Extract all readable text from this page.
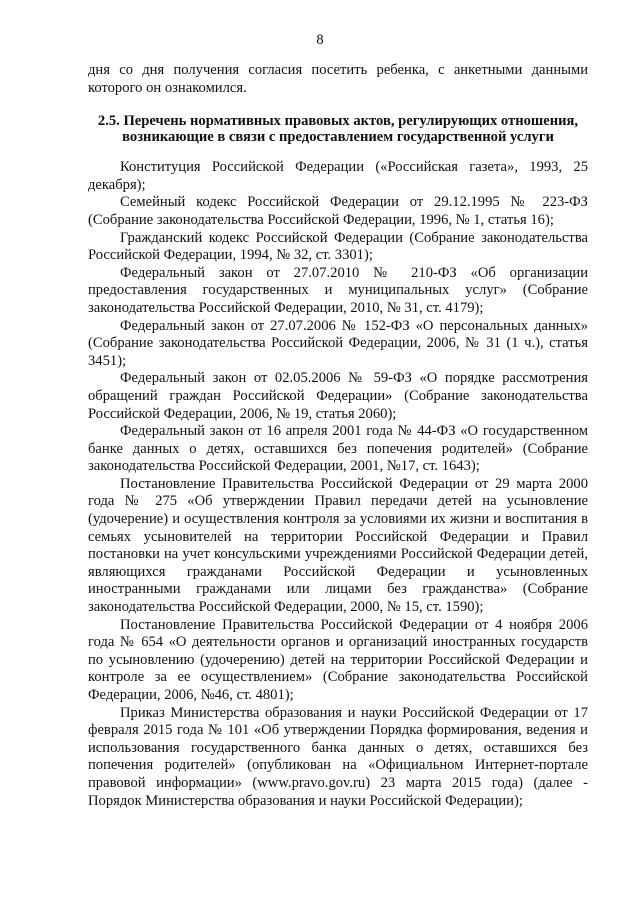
8

дня со дня получения согласия посетить ребенка, с анкетными данными которого он ознакомился.

2.5. Перечень нормативных правовых актов, регулирующих отношения, возникающие в связи с предоставлением государственной услуги

Конституция Российской Федерации («Российская газета», 1993, 25 декабря);

Семейный кодекс Российской Федерации от 29.12.1995 № 223-ФЗ (Собрание законодательства Российской Федерации, 1996, № 1, статья 16);

Гражданский кодекс Российской Федерации (Собрание законодательства Российской Федерации, 1994, № 32, ст. 3301);

Федеральный закон от 27.07.2010 № 210-ФЗ «Об организации предоставления государственных и муниципальных услуг» (Собрание законодательства Российской Федерации, 2010, № 31, ст. 4179);

Федеральный закон от 27.07.2006 № 152-ФЗ «О персональных данных» (Собрание законодательства Российской Федерации, 2006, № 31 (1 ч.), статья 3451);

Федеральный закон от 02.05.2006 № 59-ФЗ «О порядке рассмотрения обращений граждан Российской Федерации» (Собрание законодательства Российской Федерации, 2006, № 19, статья 2060);

Федеральный закон от 16 апреля 2001 года № 44-ФЗ «О государственном банке данных о детях, оставшихся без попечения родителей» (Собрание законодательства Российской Федерации, 2001, №17, ст. 1643);

Постановление Правительства Российской Федерации от 29 марта 2000 года № 275 «Об утверждении Правил передачи детей на усыновление (удочерение) и осуществления контроля за условиями их жизни и воспитания в семьях усыновителей на территории Российской Федерации и Правил постановки на учет консульскими учреждениями Российской Федерации детей, являющихся гражданами Российской Федерации и усыновленных иностранными гражданами или лицами без гражданства» (Собрание законодательства Российской Федерации, 2000, № 15, ст. 1590);

Постановление Правительства Российской Федерации от 4 ноября 2006 года № 654 «О деятельности органов и организаций иностранных государств по усыновлению (удочерению) детей на территории Российской Федерации и контроле за ее осуществлением» (Собрание законодательства Российской Федерации, 2006, №46, ст. 4801);

Приказ Министерства образования и науки Российской Федерации от 17 февраля 2015 года № 101 «Об утверждении Порядка формирования, ведения и использования государственного банка данных о детях, оставшихся без попечения родителей» (опубликован на «Официальном Интернет-портале правовой информации» (www.pravo.gov.ru) 23 марта 2015 года) (далее - Порядок Министерства образования и науки Российской Федерации);
